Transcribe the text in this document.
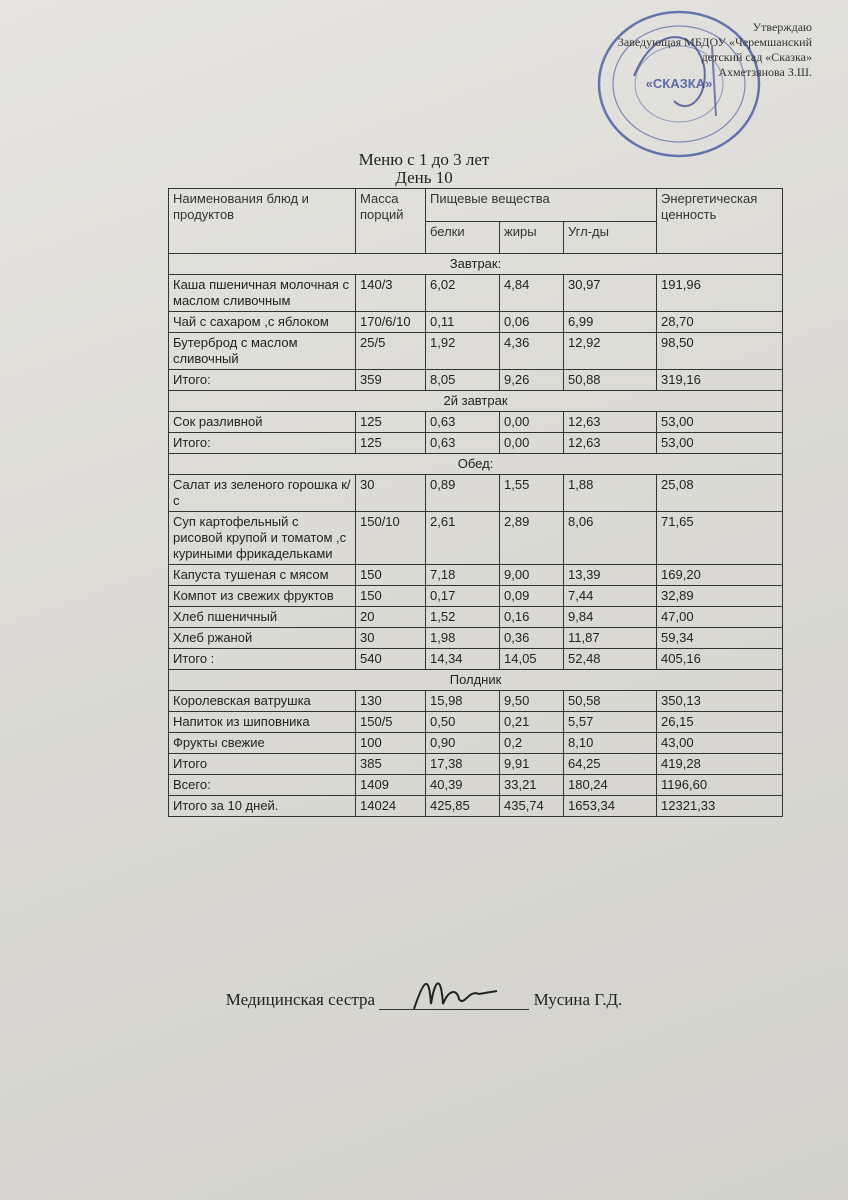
«СКАЗКА»
Утверждаю
Заведующая МБДОУ «Черемшанский
детский сад «Сказка»
Ахметзянова З.Ш.
Меню с 1 до 3 лет
День 10
Наименования блюд и продуктов	Масса порций	Пищевые вещества			Энергетическая ценность
		белки	жиры	Угл-ды	
Завтрак:					
Каша пшеничная молочная с маслом сливочным	140/3	6,02	4,84	30,97	191,96
Чай с сахаром ,с яблоком	170/6/10	0,11	0,06	6,99	28,70
Бутерброд с маслом сливочный	25/5	1,92	4,36	12,92	98,50
Итого:	359	8,05	9,26	50,88	319,16
2й завтрак					
Сок разливной	125	0,63	0,00	12,63	53,00
Итого:	125	0,63	0,00	12,63	53,00
Обед:					
Салат из зеленого горошка к/с	30	0,89	1,55	1,88	25,08
Суп картофельный с рисовой крупой и томатом ,с куриными фрикадельками	150/10	2,61	2,89	8,06	71,65
Капуста тушеная с мясом	150	7,18	9,00	13,39	169,20
Компот из свежих фруктов	150	0,17	0,09	7,44	32,89
Хлеб пшеничный	20	1,52	0,16	9,84	47,00
Хлеб ржаной	30	1,98	0,36	11,87	59,34
Итого :	540	14,34	14,05	52,48	405,16
Полдник					
Королевская ватрушка	130	15,98	9,50	50,58	350,13
Напиток из шиповника	150/5	0,50	0,21	5,57	26,15
Фрукты свежие	100	0,90	0,2	8,10	43,00
Итого	385	17,38	9,91	64,25	419,28
Всего:	1409	40,39	33,21	180,24	1196,60
Итого за 10 дней.	14024	425,85	435,74	1653,34	12321,33
Медицинская сестра	Мусина Г.Д.
